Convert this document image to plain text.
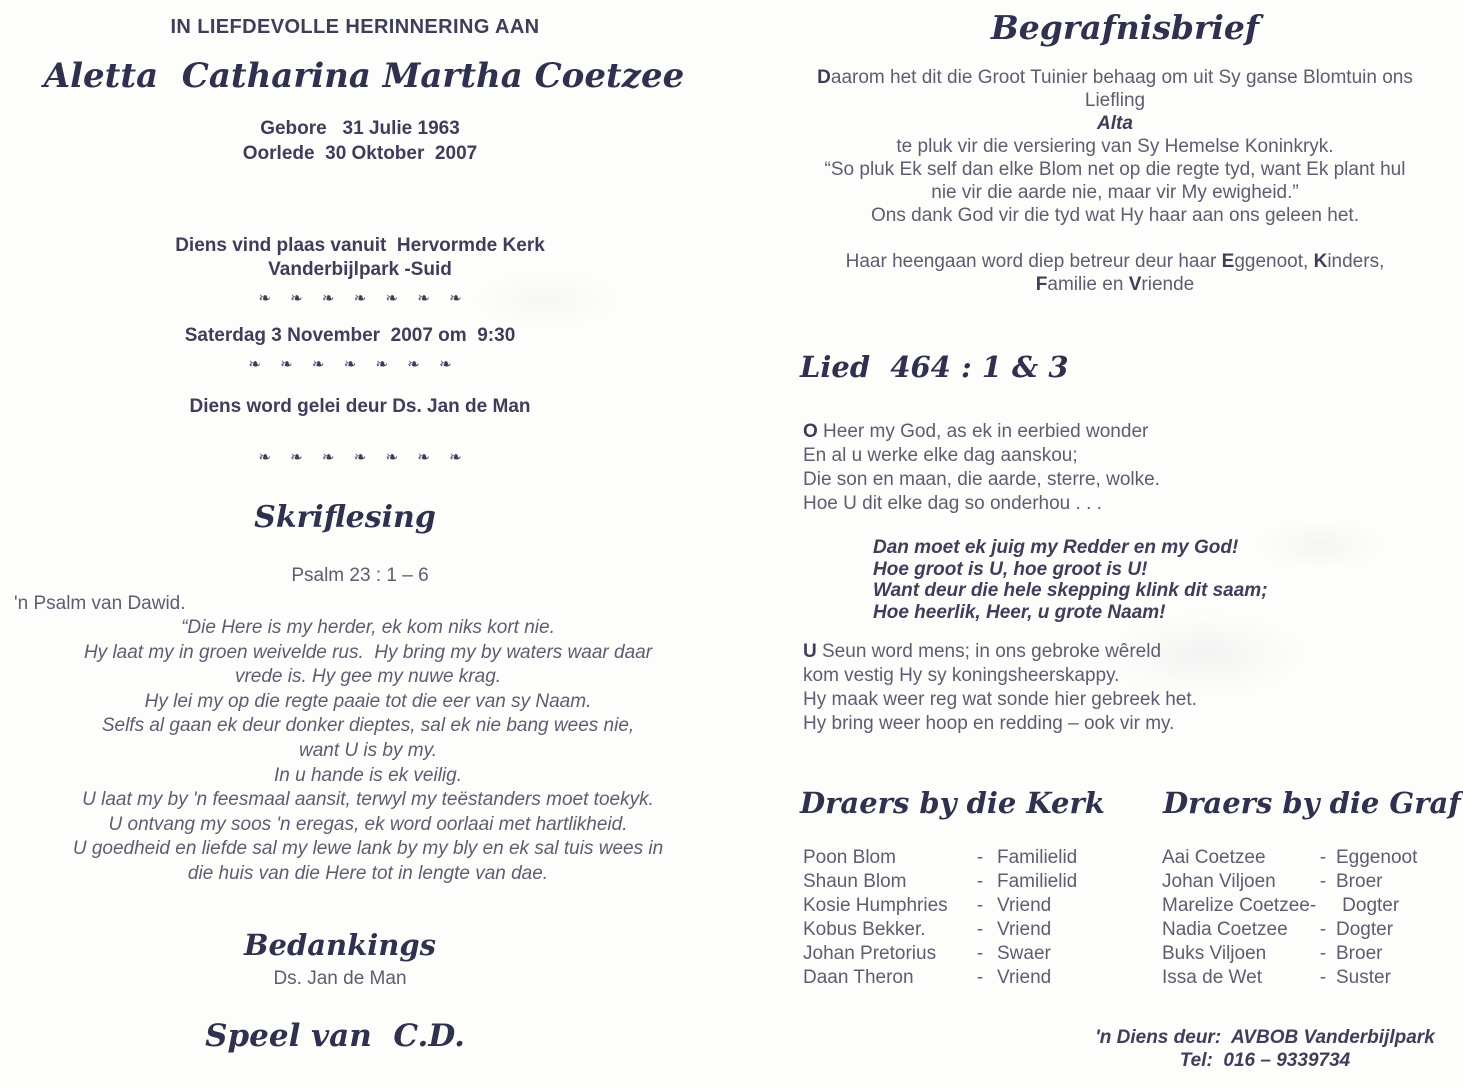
IN LIEFDEVOLLE HERINNERING AAN
Aletta  Catharina Martha Coetzee
Gebore   31 Julie 1963
Oorlede  30 Oktober  2007
Diens vind plaas vanuit  Hervormde Kerk
Vanderbijlpark -Suid
❧ ❧ ❧ ❧ ❧ ❧ ❧
Saterdag 3 November  2007 om  9:30
❧ ❧ ❧ ❧ ❧ ❧ ❧
Diens word gelei deur Ds. Jan de Man
❧ ❧ ❧ ❧ ❧ ❧ ❧
Skriflesing
Psalm 23 : 1 – 6
'n Psalm van Dawid.
“Die Here is my herder, ek kom niks kort nie.
Hy laat my in groen weivelde rus.  Hy bring my by waters waar daar
vrede is. Hy gee my nuwe krag.
Hy lei my op die regte paaie tot die eer van sy Naam.
Selfs al gaan ek deur donker dieptes, sal ek nie bang wees nie,
want U is by my.
In u hande is ek veilig.
U laat my by 'n feesmaal aansit, terwyl my teëstanders moet toekyk.
U ontvang my soos 'n eregas, ek word oorlaai met hartlikheid.
U goedheid en liefde sal my lewe lank by my bly en ek sal tuis wees in
die huis van die Here tot in lengte van dae.
Bedankings
Ds. Jan de Man
Speel van  C.D.
Begrafnisbrief
Daarom het dit die Groot Tuinier behaag om uit Sy ganse Blomtuin ons
Liefling
Alta
te pluk vir die versiering van Sy Hemelse Koninkryk.
“So pluk Ek self dan elke Blom net op die regte tyd, want Ek plant hul
nie vir die aarde nie, maar vir My ewigheid.”
Ons dank God vir die tyd wat Hy haar aan ons geleen het.
Haar heengaan word diep betreur deur haar Eggenoot, Kinders,
Familie en Vriende
Lied  464 : 1 & 3
O Heer my God, as ek in eerbied wonder
En al u werke elke dag aanskou;
Die son en maan, die aarde, sterre, wolke.
Hoe U dit elke dag so onderhou . . .
Dan moet ek juig my Redder en my God!
Hoe groot is U, hoe groot is U!
Want deur die hele skepping klink dit saam;
Hoe heerlik, Heer, u grote Naam!
U Seun word mens; in ons gebroke wêreld
kom vestig Hy sy koningsheerskappy.
Hy maak weer reg wat sonde hier gebreek het.
Hy bring weer hoop en redding – ook vir my.
Draers by die Kerk Draers by die Graf
Poon Blom	- Familielid
Shaun Blom	- Familielid
Kosie Humphries	- Vriend
Kobus Bekker.	- Vriend
Johan Pretorius	- Swaer
Daan Theron	- Vriend
Aai Coetzee	- Eggenoot
Johan Viljoen	- Broer
Marelize Coetzee- Dogter
Nadia Coetzee	- Dogter
Buks Viljoen	- Broer
Issa de Wet	- Suster
'n Diens deur:  AVBOB Vanderbijlpark
Tel:  016 – 9339734
